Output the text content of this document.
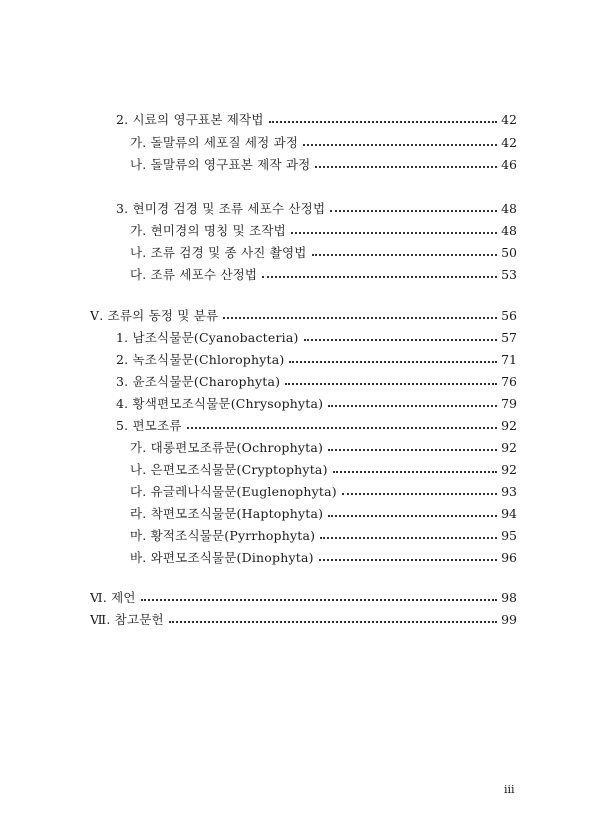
2. 시료의 영구표본 제작법	42
가. 돌말류의 세포질 세정 과정	42
나. 돌말류의 영구표본 제작 과정	46
3. 현미경 검경 및 조류 세포수 산정법	48
가. 현미경의 명칭 및 조작법	48
나. 조류 검경 및 종 사진 촬영법	50
다. 조류 세포수 산정법	53
Ⅴ. 조류의 동정 및 분류	56
1. 남조식물문(Cyanobacteria)	57
2. 녹조식물문(Chlorophyta)	71
3. 윤조식물문(Charophyta)	76
4. 황색편모조식물문(Chrysophyta)	79
5. 편모조류	92
가. 대롱편모조류문(Ochrophyta)	92
나. 은편모조식물문(Cryptophyta)	92
다. 유글레나식물문(Euglenophyta)	93
라. 착편모조식물문(Haptophyta)	94
마. 황적조식물문(Pyrrhophyta)	95
바. 와편모조식물문(Dinophyta)	96
Ⅵ. 제언	98
Ⅶ. 참고문헌	99
iii
